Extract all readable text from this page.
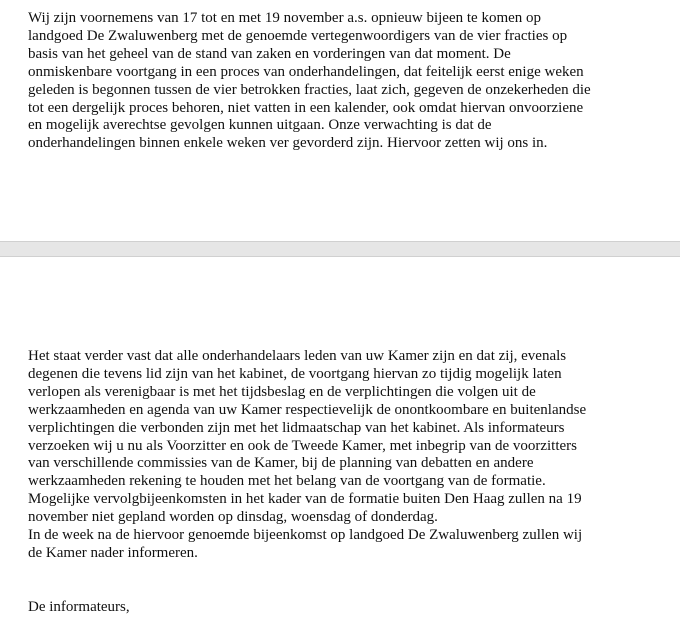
Wij zijn voornemens van 17 tot en met 19 november a.s. opnieuw bijeen te komen op
landgoed De Zwaluwenberg met de genoemde vertegenwoordigers van de vier fracties op
basis van het geheel van de stand van zaken en vorderingen van dat moment. De
onmiskenbare voortgang in een proces van onderhandelingen, dat feitelijk eerst enige weken
geleden is begonnen tussen de vier betrokken fracties, laat zich, gegeven de onzekerheden die
tot een dergelijk proces behoren, niet vatten in een kalender, ook omdat hiervan onvoorziene
en mogelijk averechtse gevolgen kunnen uitgaan. Onze verwachting is dat de
onderhandelingen binnen enkele weken ver gevorderd zijn. Hiervoor zetten wij ons in.

Het staat verder vast dat alle onderhandelaars leden van uw Kamer zijn en dat zij, evenals
degenen die tevens lid zijn van het kabinet, de voortgang hiervan zo tijdig mogelijk laten
verlopen als verenigbaar is met het tijdsbeslag en de verplichtingen die volgen uit de
werkzaamheden en agenda van uw Kamer respectievelijk de onontkoombare en buitenlandse
verplichtingen die verbonden zijn met het lidmaatschap van het kabinet. Als informateurs
verzoeken wij u nu als Voorzitter en ook de Tweede Kamer, met inbegrip van de voorzitters
van verschillende commissies van de Kamer, bij de planning van debatten en andere
werkzaamheden rekening te houden met het belang van de voortgang van de formatie.
Mogelijke vervolgbijeenkomsten in het kader van de formatie buiten Den Haag zullen na 19
november niet gepland worden op dinsdag, woensdag of donderdag.
In de week na de hiervoor genoemde bijeenkomst op landgoed De Zwaluwenberg zullen wij
de Kamer nader informeren.

De informateurs,
